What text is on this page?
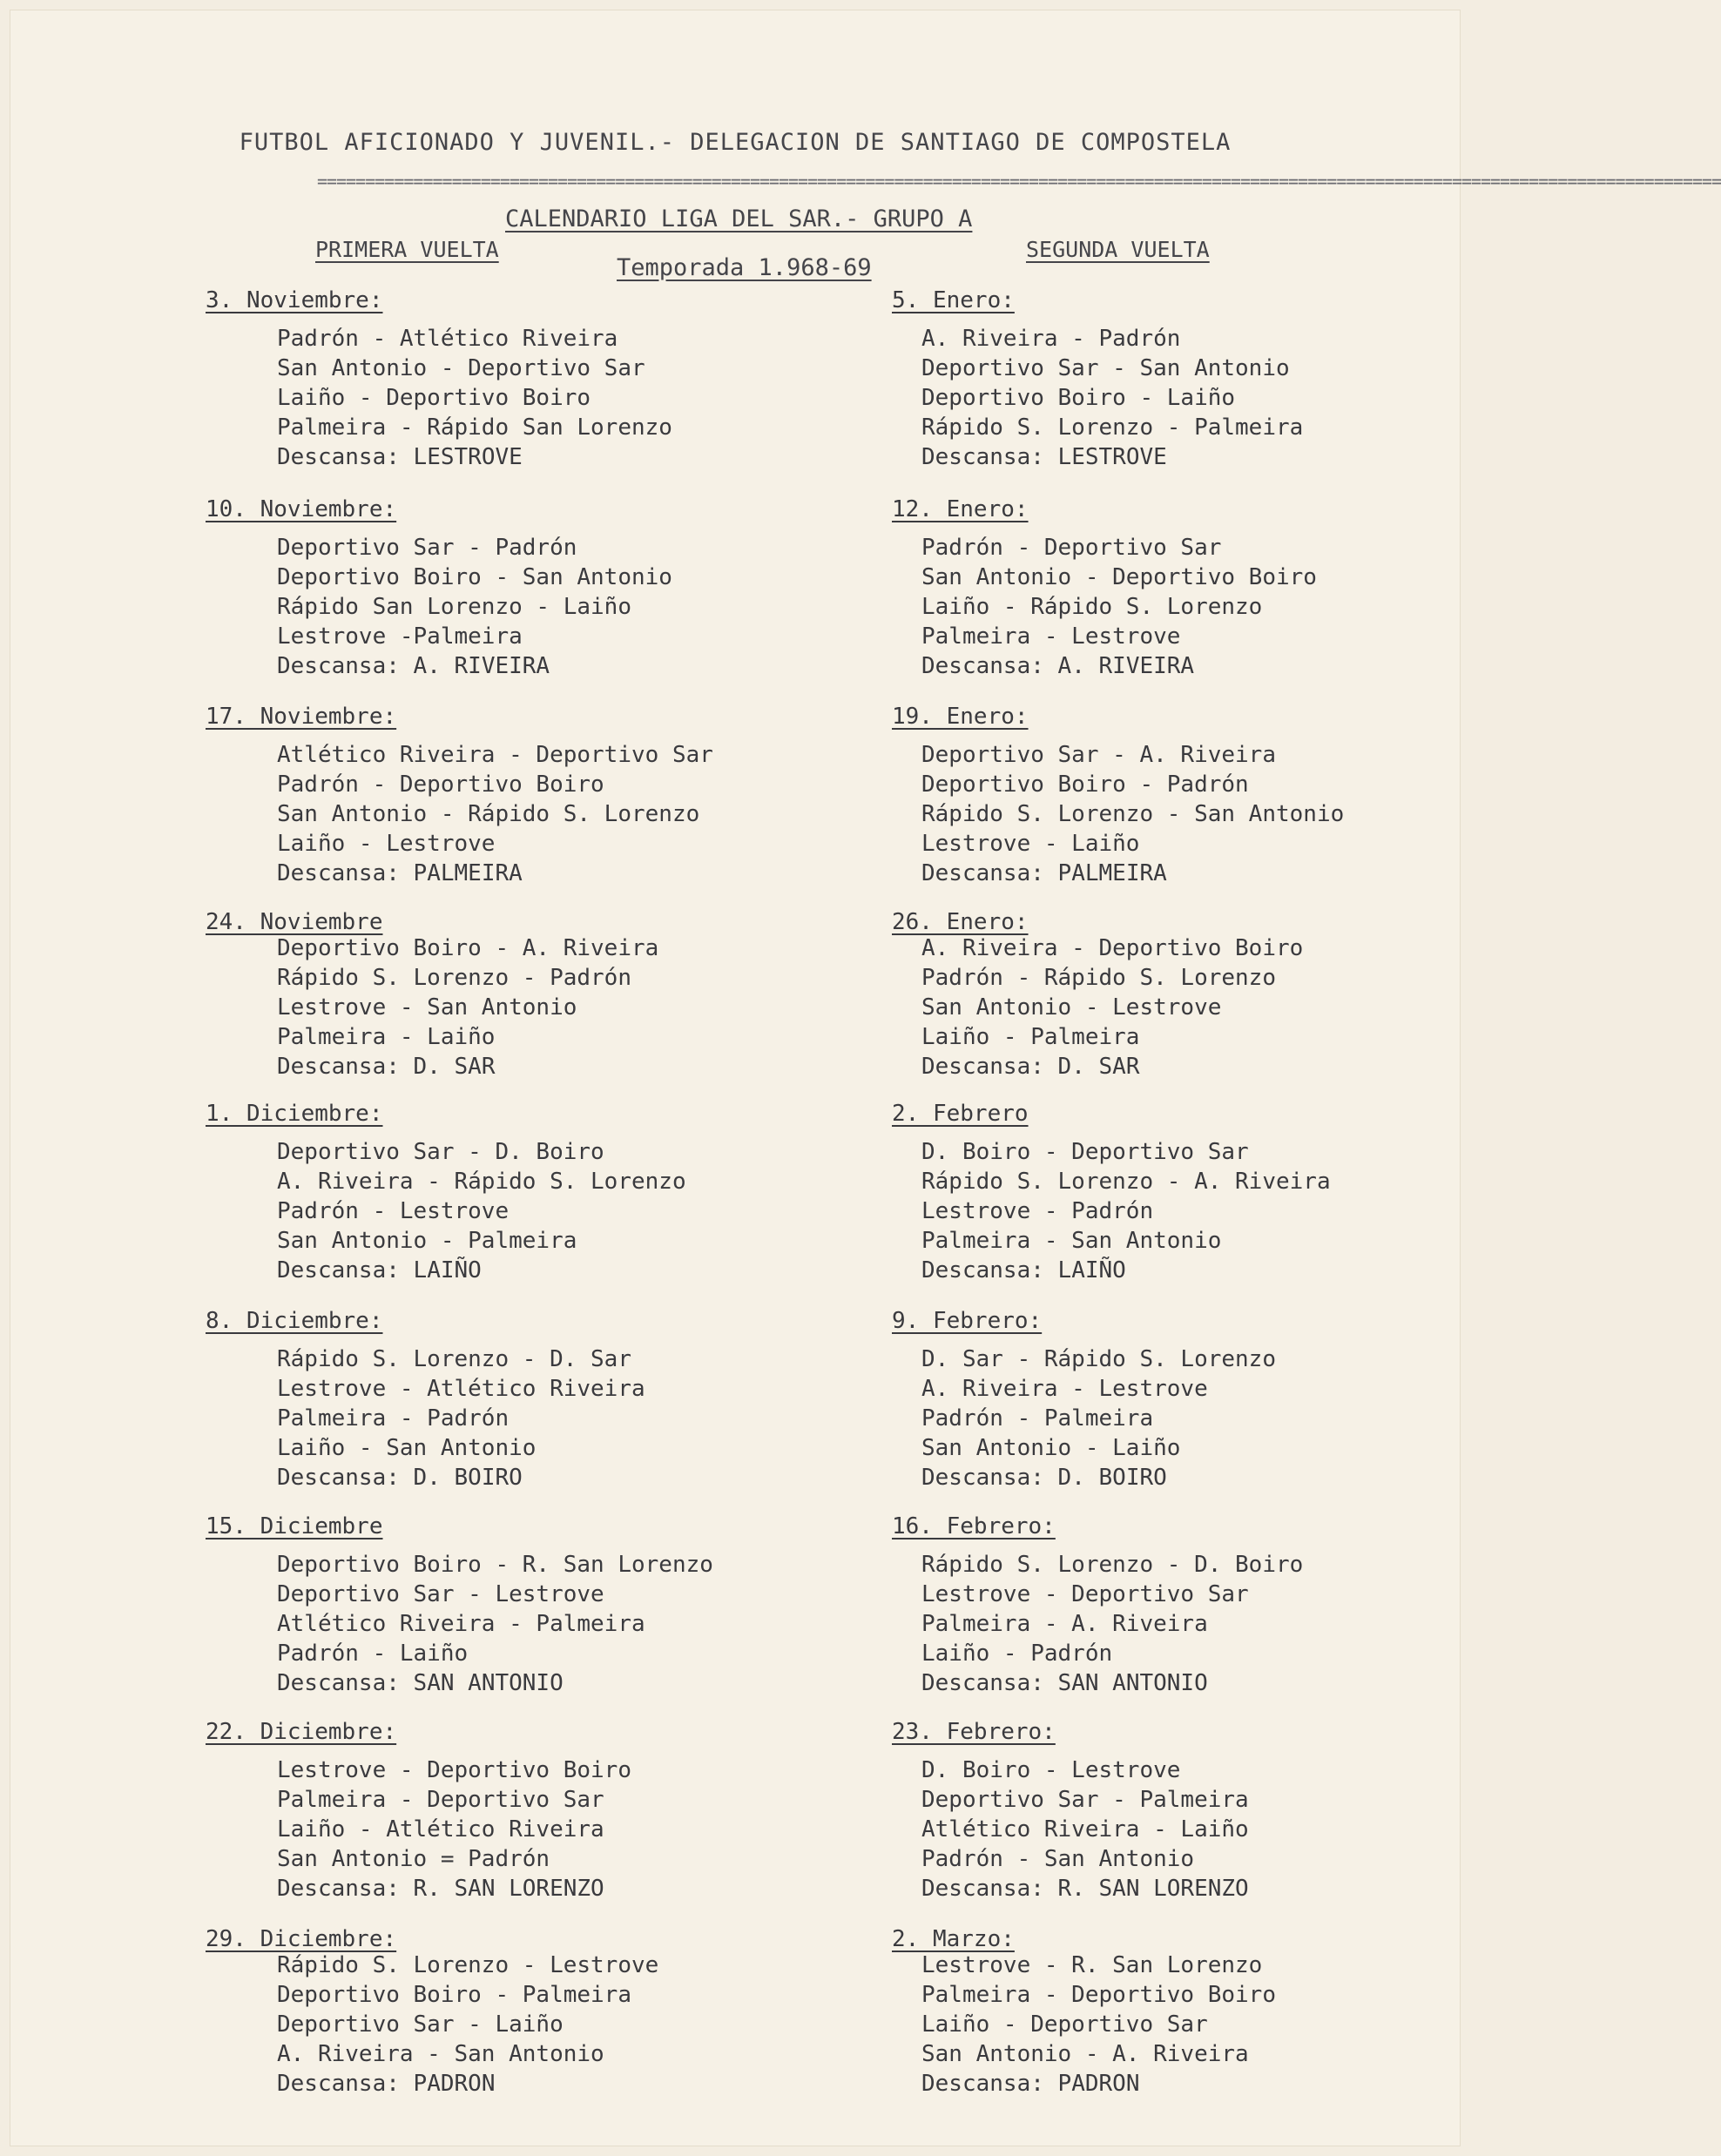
FUTBOL AFICIONADO Y JUVENIL.- DELEGACION DE SANTIAGO DE COMPOSTELA
==================================================================================================================================================
CALENDARIO LIGA DEL SAR.- GRUPO A
PRIMERA VUELTA	SEGUNDA VUELTA
Temporada 1.968-69
3. Noviembre:
Padrón - Atlético Riveira
San Antonio - Deportivo Sar
Laiño - Deportivo Boiro
Palmeira - Rápido San Lorenzo
Descansa: LESTROVE
10. Noviembre:
Deportivo Sar - Padrón
Deportivo Boiro - San Antonio
Rápido San Lorenzo - Laiño
Lestrove -Palmeira
Descansa: A. RIVEIRA
17. Noviembre:
Atlético Riveira - Deportivo Sar
Padrón - Deportivo Boiro
San Antonio - Rápido S. Lorenzo
Laiño - Lestrove
Descansa: PALMEIRA
24. Noviembre
Deportivo Boiro - A. Riveira
Rápido S. Lorenzo - Padrón
Lestrove - San Antonio
Palmeira - Laiño
Descansa: D. SAR
1. Diciembre:
Deportivo Sar - D. Boiro
A. Riveira - Rápido S. Lorenzo
Padrón - Lestrove
San Antonio - Palmeira
Descansa: LAIÑO
8. Diciembre:
Rápido S. Lorenzo - D. Sar
Lestrove - Atlético Riveira
Palmeira - Padrón
Laiño - San Antonio
Descansa: D. BOIRO
15. Diciembre
Deportivo Boiro - R. San Lorenzo
Deportivo Sar - Lestrove
Atlético Riveira - Palmeira
Padrón - Laiño
Descansa: SAN ANTONIO
22. Diciembre:
Lestrove - Deportivo Boiro
Palmeira - Deportivo Sar
Laiño - Atlético Riveira
San Antonio = Padrón
Descansa: R. SAN LORENZO
29. Diciembre:
Rápido S. Lorenzo - Lestrove
Deportivo Boiro - Palmeira
Deportivo Sar - Laiño
A. Riveira - San Antonio
Descansa: PADRON
5. Enero:
A. Riveira - Padrón
Deportivo Sar - San Antonio
Deportivo Boiro - Laiño
Rápido S. Lorenzo - Palmeira
Descansa: LESTROVE
12. Enero:
Padrón - Deportivo Sar
San Antonio - Deportivo Boiro
Laiño - Rápido S. Lorenzo
Palmeira - Lestrove
Descansa: A. RIVEIRA
19. Enero:
Deportivo Sar - A. Riveira
Deportivo Boiro - Padrón
Rápido S. Lorenzo - San Antonio
Lestrove - Laiño
Descansa: PALMEIRA
26. Enero:
A. Riveira - Deportivo Boiro
Padrón - Rápido S. Lorenzo
San Antonio - Lestrove
Laiño - Palmeira
Descansa: D. SAR
2. Febrero
D. Boiro - Deportivo Sar
Rápido S. Lorenzo - A. Riveira
Lestrove - Padrón
Palmeira - San Antonio
Descansa: LAIÑO
9. Febrero:
D. Sar - Rápido S. Lorenzo
A. Riveira - Lestrove
Padrón - Palmeira
San Antonio - Laiño
Descansa: D. BOIRO
16. Febrero:
Rápido S. Lorenzo - D. Boiro
Lestrove - Deportivo Sar
Palmeira - A. Riveira
Laiño - Padrón
Descansa: SAN ANTONIO
23. Febrero:
D. Boiro - Lestrove
Deportivo Sar - Palmeira
Atlético Riveira - Laiño
Padrón - San Antonio
Descansa: R. SAN LORENZO
2. Marzo:
Lestrove - R. San Lorenzo
Palmeira - Deportivo Boiro
Laiño - Deportivo Sar
San Antonio - A. Riveira
Descansa: PADRON
